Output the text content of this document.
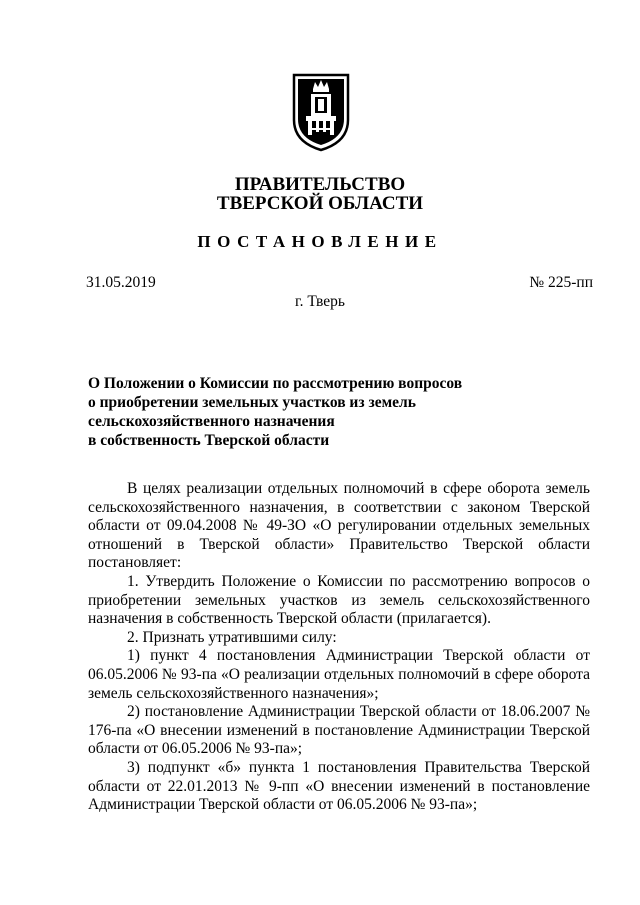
ПРАВИТЕЛЬСТВО
ТВЕРСКОЙ ОБЛАСТИ
ПОСТАНОВЛЕНИЕ
31.05.2019	№ 225-пп
г. Тверь
О Положении о Комиссии по рассмотрению вопросов
о приобретении земельных участков из земель
сельскохозяйственного назначения
в собственность Тверской области

В целях реализации отдельных полномочий в сфере оборота земель сельскохозяйственного назначения, в соответствии с законом Тверской области от 09.04.2008 № 49-ЗО «О регулировании отдельных земельных отношений в Тверской области» Правительство Тверской области постановляет:

1. Утвердить Положение о Комиссии по рассмотрению вопросов о приобретении земельных участков из земель сельскохозяйственного назначения в собственность Тверской области (прилагается).

2. Признать утратившими силу:

1) пункт 4 постановления Администрации Тверской области от 06.05.2006 № 93-па «О реализации отдельных полномочий в сфере оборота земель сельскохозяйственного назначения»;

2) постановление Администрации Тверской области от 18.06.2007 № 176-па «О внесении изменений в постановление Администрации Тверской области от 06.05.2006 № 93-па»;

3) подпункт «б» пункта 1 постановления Правительства Тверской области от 22.01.2013 № 9-пп «О внесении изменений в постановление Администрации Тверской области от 06.05.2006 № 93-па»;
